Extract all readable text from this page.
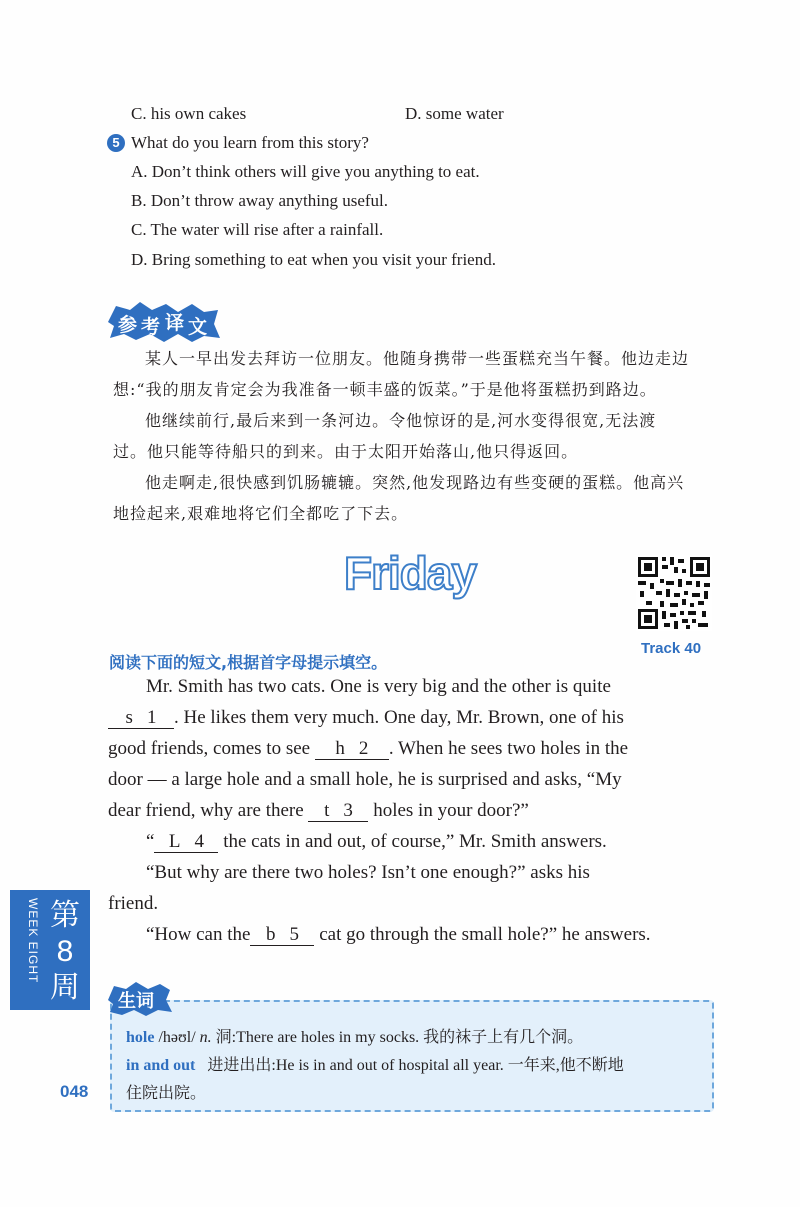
C. his own cakes	D. some water
5 What do you learn from this story?
A. Don’t think others will give you anything to eat.
B. Don’t throw away anything useful.
C. The water will rise after a rainfall.
D. Bring something to eat when you visit your friend.
参 考 译 文

某人一早出发去拜访一位朋友。他随身携带一些蛋糕充当午餐。他边走边

想:“我的朋友肯定会为我准备一顿丰盛的饭菜。”于是他将蛋糕扔到路边。

他继续前行,最后来到一条河边。令他惊讶的是,河水变得很宽,无法渡

过。他只能等待船只的到来。由于太阳开始落山,他只得返回。

他走啊走,很快感到饥肠辘辘。突然,他发现路边有些变硬的蛋糕。他高兴

地捡起来,艰难地将它们全都吃了下去。

Friday
Track 40
阅读下面的短文,根据首字母提示填空。

Mr. Smith has two cats. One is very big and the other is quite

s 1 . He likes them very much. One day, Mr. Brown, one of his

good friends, comes to see h 2 . When he sees two holes in the

door — a large hole and a small hole, he is surprised and asks, “My

dear friend, why are there t 3 holes in your door?”

“ L 4 the cats in and out, of course,” Mr. Smith answers.

“But why are there two holes? Isn’t one enough?” asks his

friend.

“How can the b 5 cat go through the small hole?” he answers.

WEEK EIGHT 第
8
周 生词
hole /həʊl/ n. 洞:There are holes in my socks. 我的袜子上有几个洞。
in and out 进进出出:He is in and out of hospital all year. 一年来,他不断地
住院出院。
048
